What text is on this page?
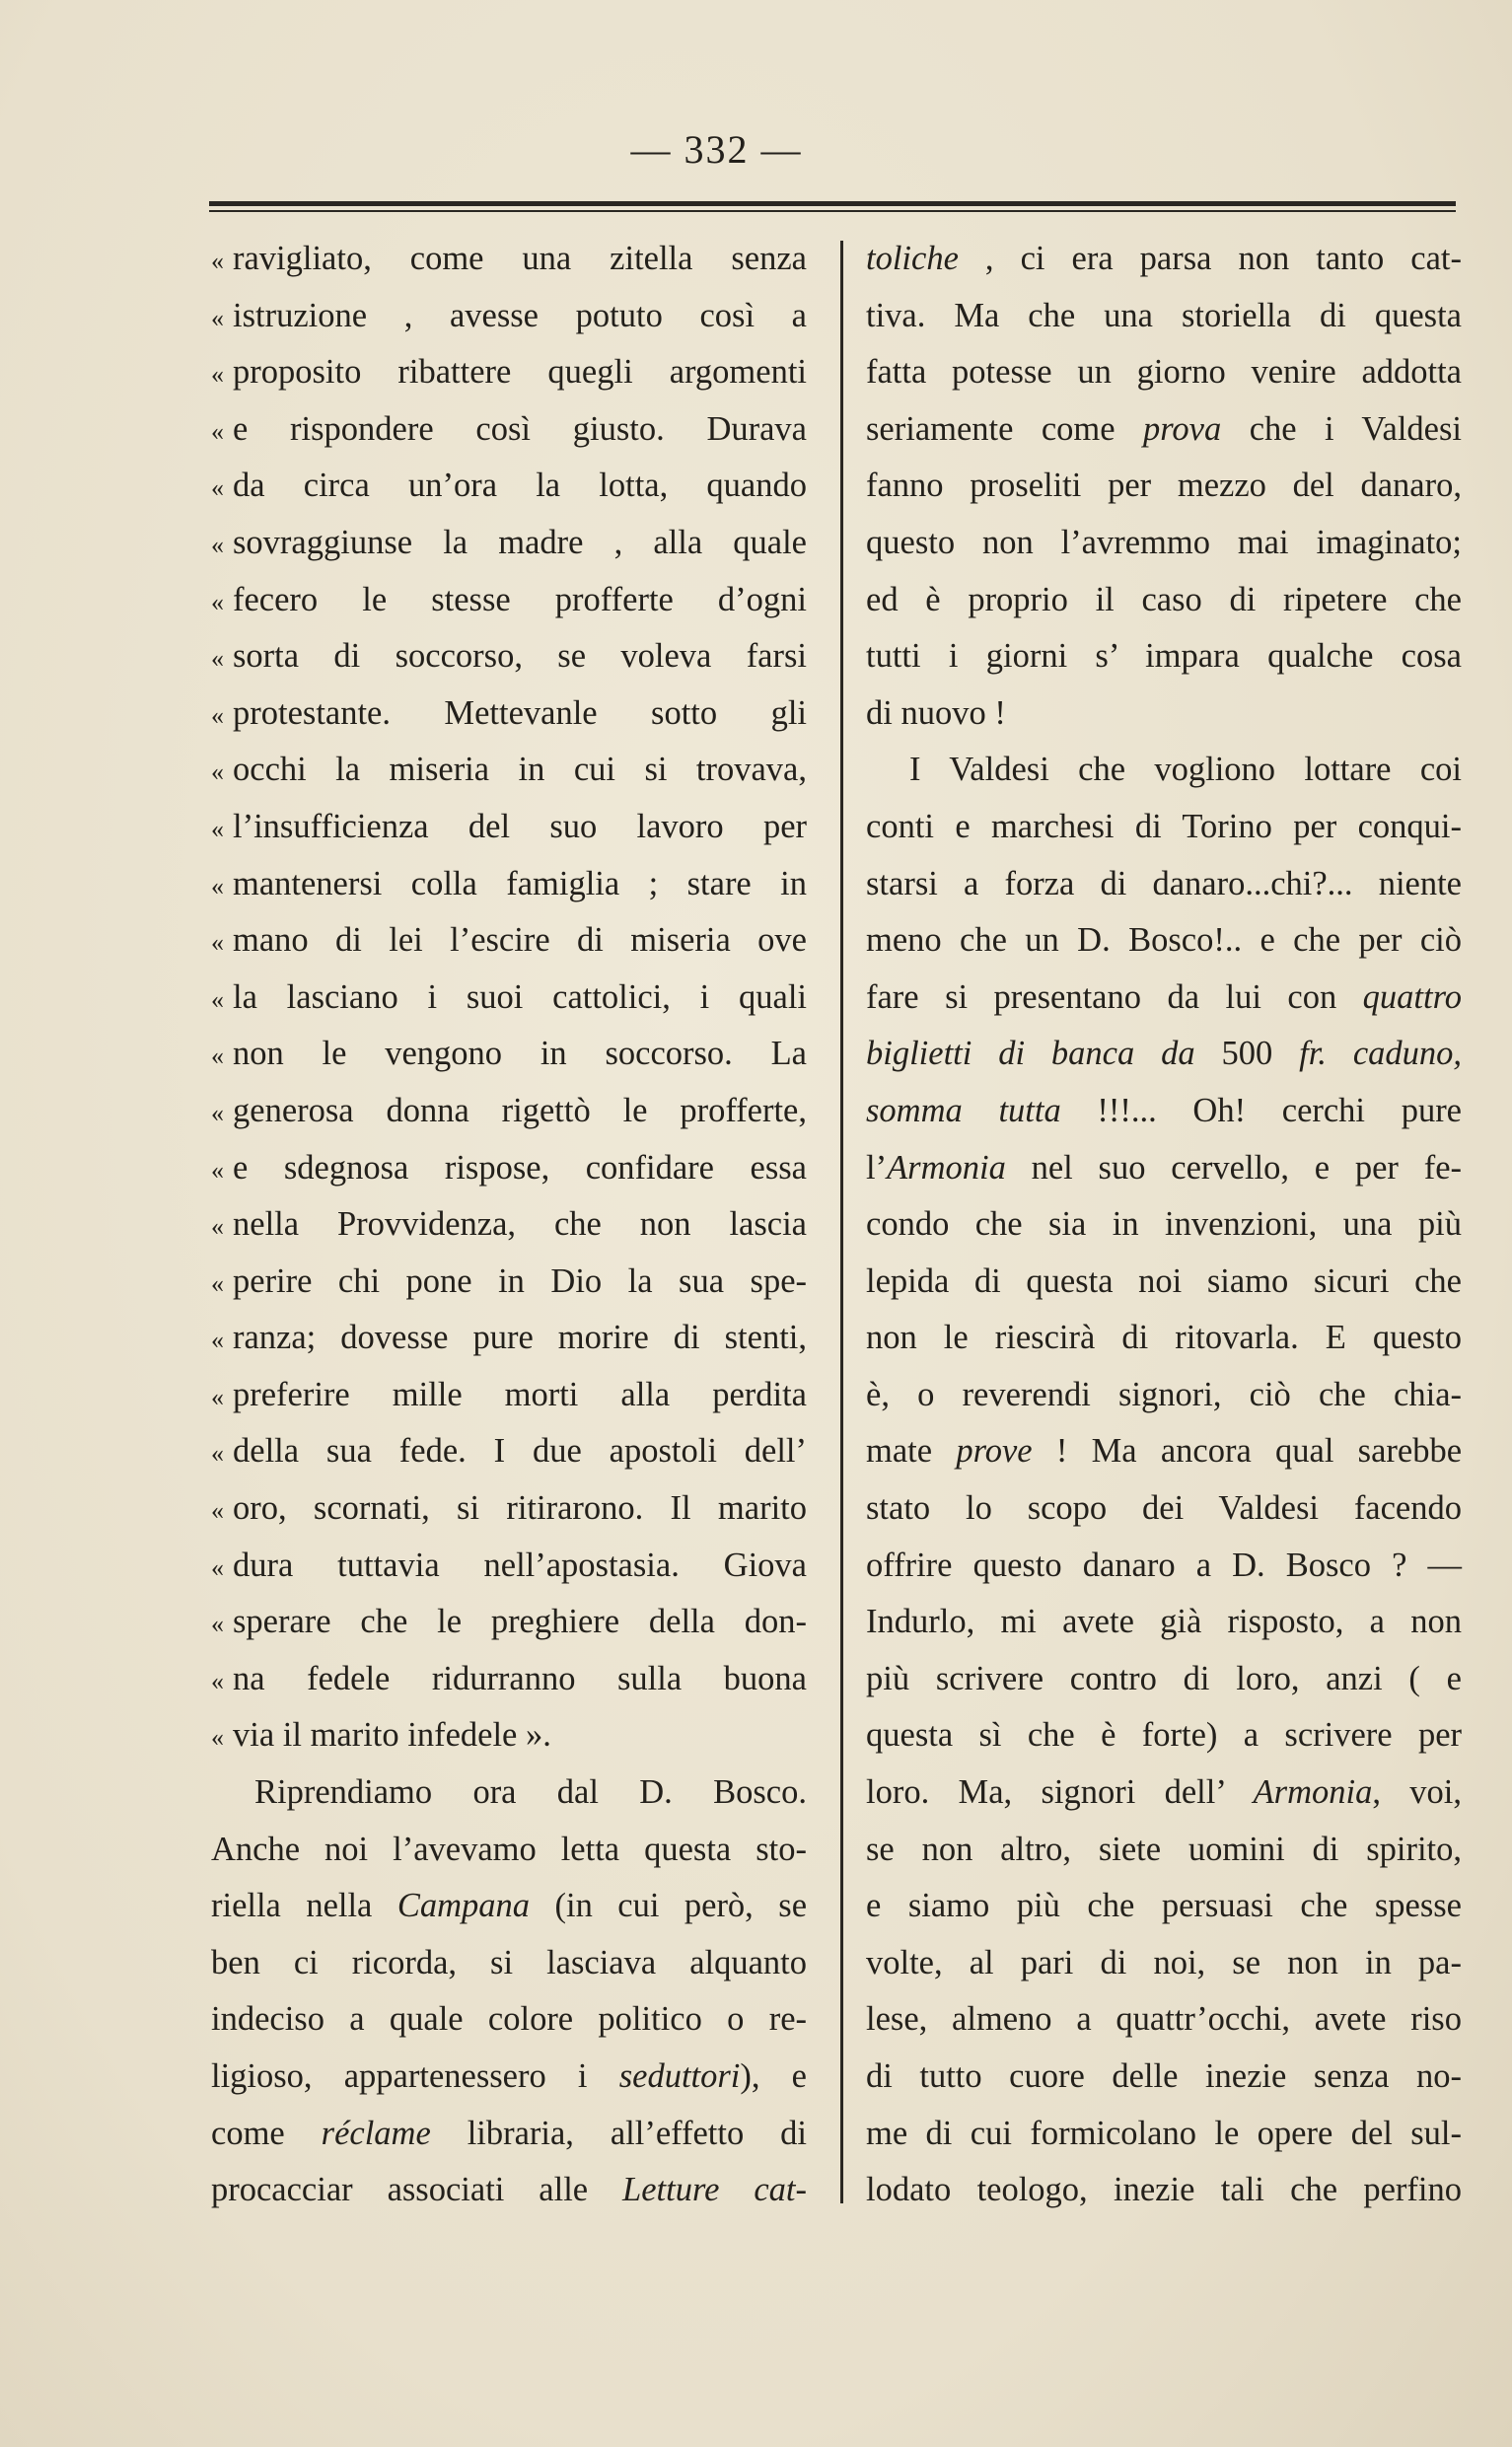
— 332 —
« ravigliato, come una zitella senza
« istruzione , avesse potuto così a
« proposito ribattere quegli argomenti
« e rispondere così giusto. Durava
« da circa un’ora la lotta, quando
« sovraggiunse la madre , alla quale
« fecero le stesse profferte d’ogni
« sorta di soccorso, se voleva farsi
« protestante. Mettevanle sotto gli
« occhi la miseria in cui si trovava,
« l’insufficienza del suo lavoro per
« mantenersi colla famiglia ; stare in
« mano di lei l’escire di miseria ove
« la lasciano i suoi cattolici, i quali
« non le vengono in soccorso. La
« generosa donna rigettò le profferte,
« e sdegnosa rispose, confidare essa
« nella Provvidenza, che non lascia
« perire chi pone in Dio la sua spe-
« ranza; dovesse pure morire di stenti,
« preferire mille morti alla perdita
« della sua fede. I due apostoli dell’
« oro, scornati, si ritirarono. Il marito
« dura tuttavia nell’apostasia. Giova
« sperare che le preghiere della don-
« na fedele ridurranno sulla buona
« via il marito infedele ».
Riprendiamo ora dal D. Bosco.
Anche noi l’avevamo letta questa sto-
riella nella Campana (in cui però, se
ben ci ricorda, si lasciava alquanto
indeciso a quale colore politico o re-
ligioso, appartenessero i seduttori), e
come réclame libraria, all’effetto di
procacciar associati alle Letture cat-
toliche , ci era parsa non tanto cat-
tiva. Ma che una storiella di questa
fatta potesse un giorno venire addotta
seriamente come prova che i Valdesi
fanno proseliti per mezzo del danaro,
questo non l’avremmo mai imaginato;
ed è proprio il caso di ripetere che
tutti i giorni s’ impara qualche cosa
di nuovo !
I Valdesi che vogliono lottare coi
conti e marchesi di Torino per conqui-
starsi a forza di danaro...chi?... niente
meno che un D. Bosco!.. e che per ciò
fare si presentano da lui con quattro
biglietti di banca da 500 fr. caduno,
somma tutta !!!... Oh! cerchi pure
l’Armonia nel suo cervello, e per fe-
condo che sia in invenzioni, una più
lepida di questa noi siamo sicuri che
non le riescirà di ritovarla. E questo
è, o reverendi signori, ciò che chia-
mate prove ! Ma ancora qual sarebbe
stato lo scopo dei Valdesi facendo
offrire questo danaro a D. Bosco ? —
Indurlo, mi avete già risposto, a non
più scrivere contro di loro, anzi ( e
questa sì che è forte) a scrivere per
loro. Ma, signori dell’ Armonia, voi,
se non altro, siete uomini di spirito,
e siamo più che persuasi che spesse
volte, al pari di noi, se non in pa-
lese, almeno a quattr’occhi, avete riso
di tutto cuore delle inezie senza no-
me di cui formicolano le opere del sul-
lodato teologo, inezie tali che perfino
